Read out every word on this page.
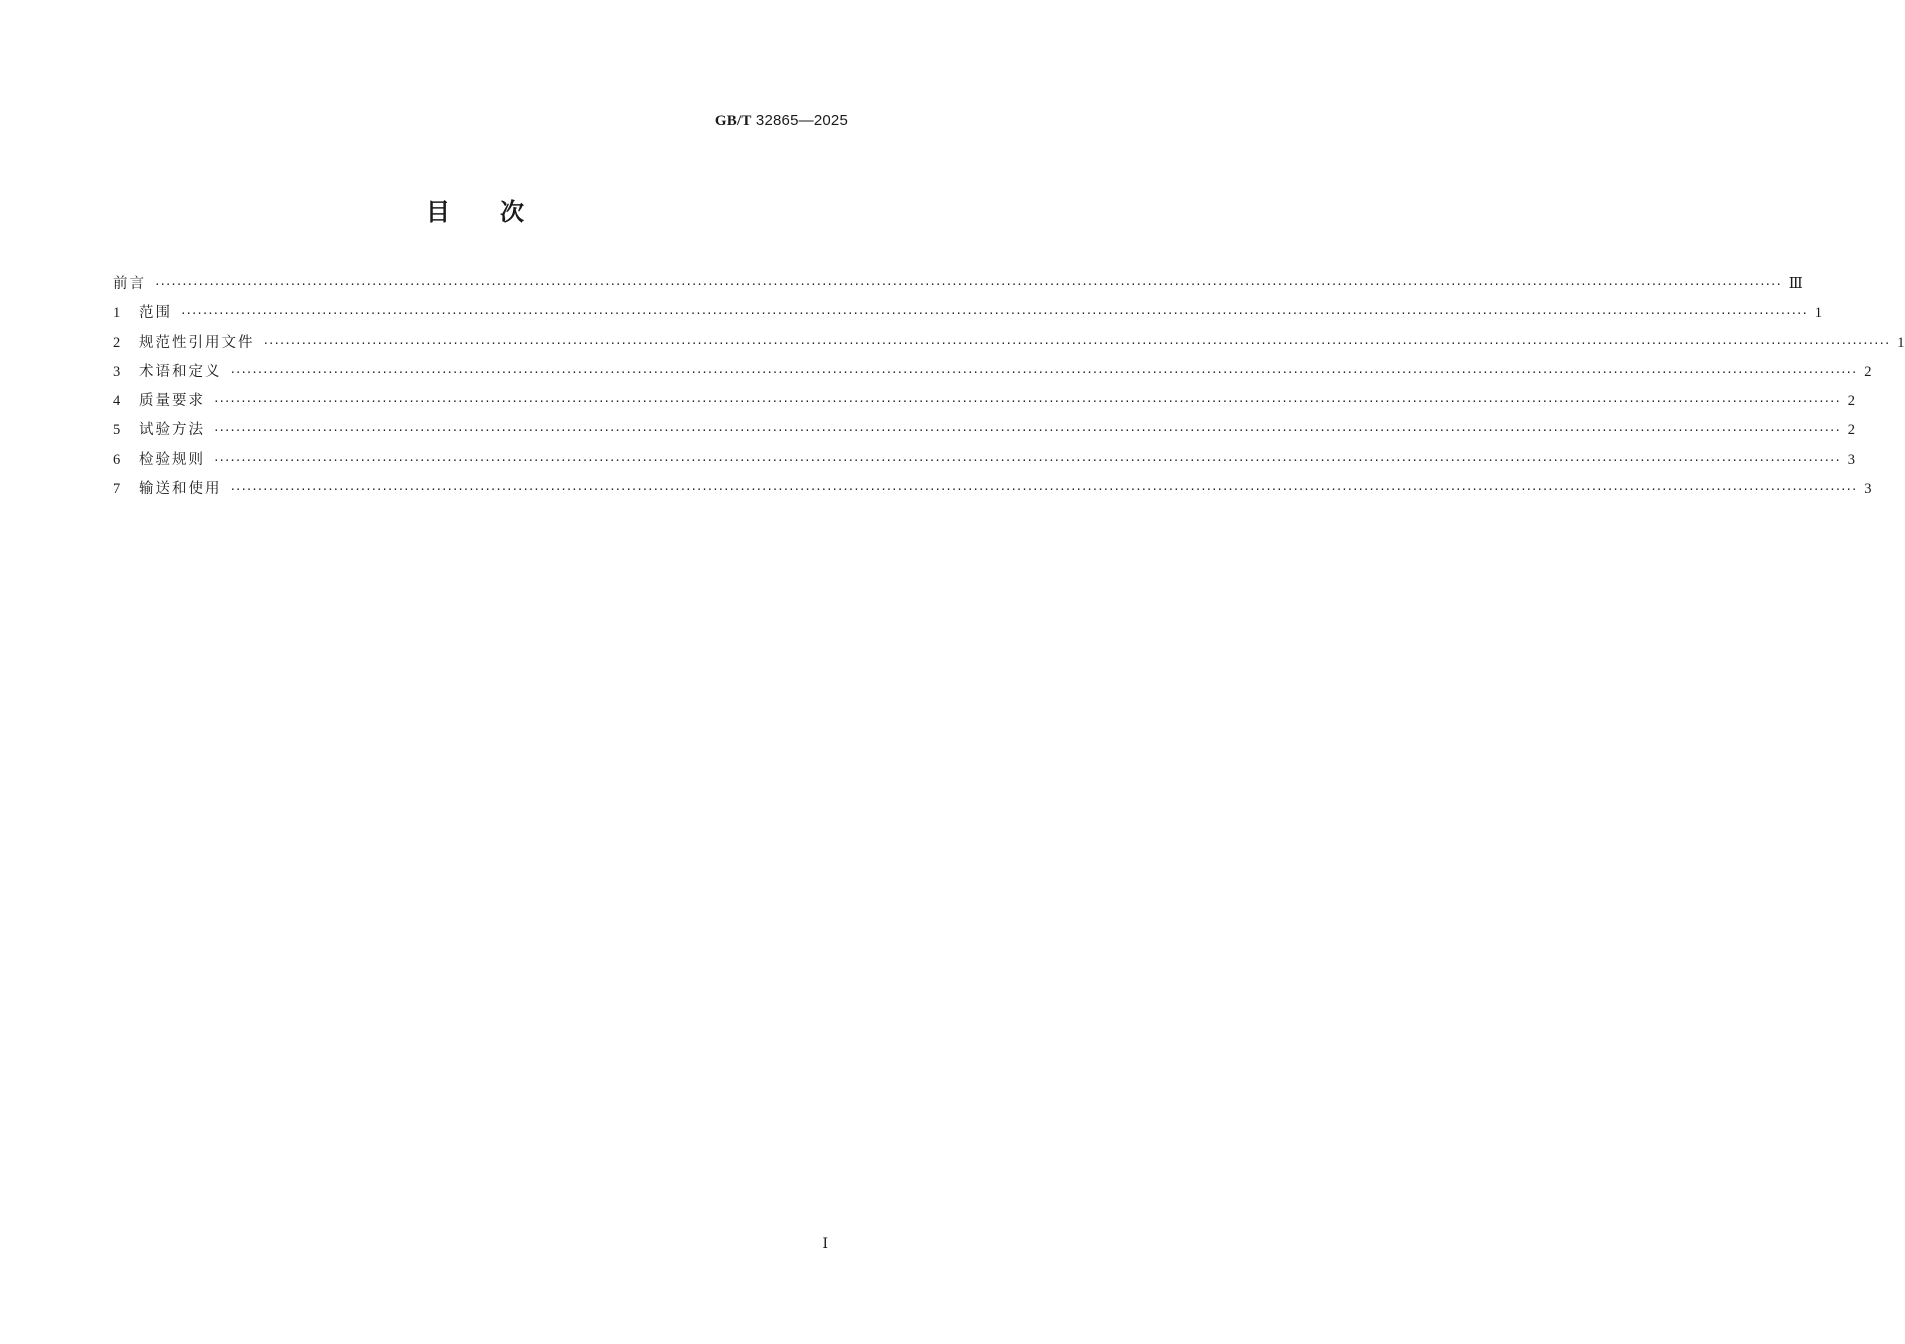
GB/T 32865—2025
目次
前言 ············································································································································································································································································································ Ⅲ
1	范围 ············································································································································································································································································································ 1
2	规范性引用文件 ············································································································································································································································································································ 1
3	术语和定义 ············································································································································································································································································································ 2
4	质量要求 ············································································································································································································································································································ 2
5	试验方法 ············································································································································································································································································································ 2
6	检验规则 ············································································································································································································································································································ 3
7	输送和使用 ············································································································································································································································································································ 3
Ⅰ
